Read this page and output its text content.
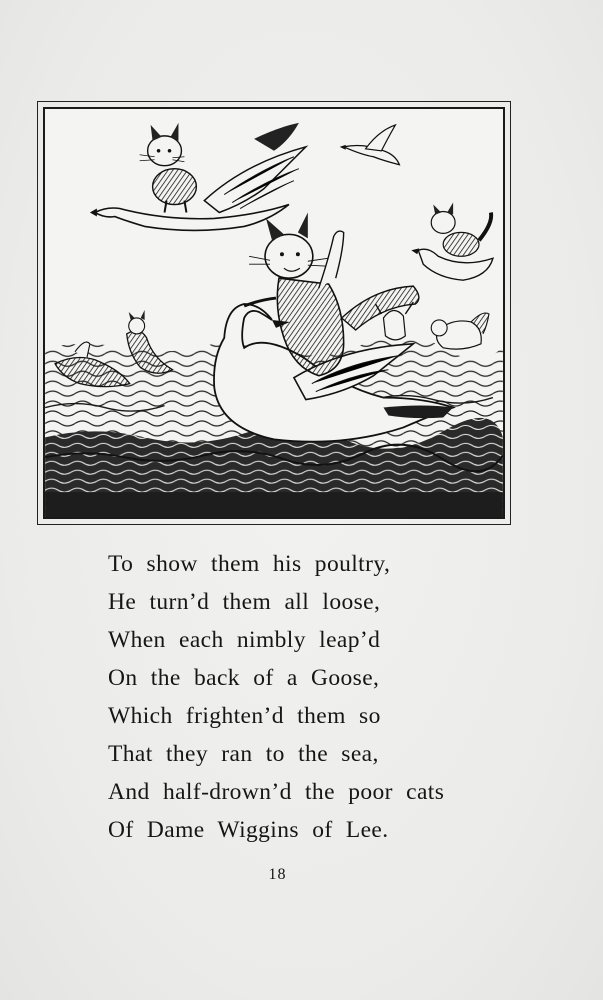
To show them his poultry,
He turn’d them all loose,
When each nimbly leap’d
On the back of a Goose,
Which frighten’d them so
That they ran to the sea,
And half-drown’d the poor cats
Of Dame Wiggins of Lee.
18
